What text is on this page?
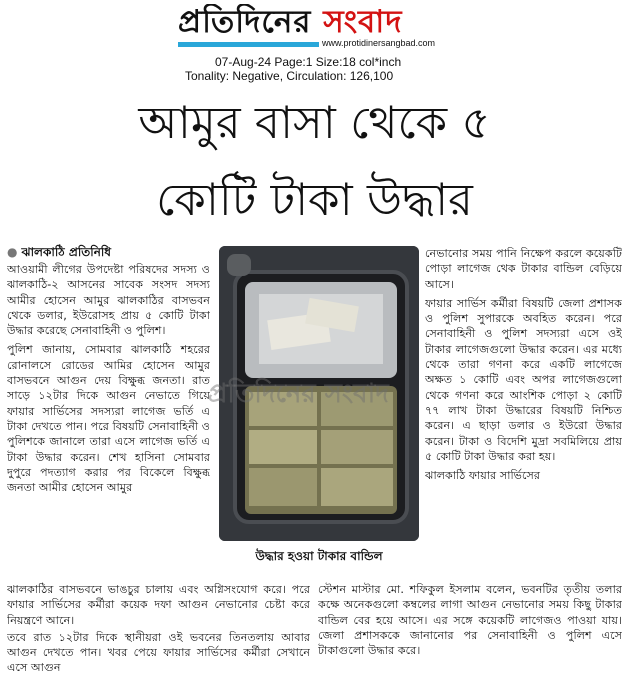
প্রতিদিনের সংবাদ
www.protidinersangbad.com
07-Aug-24 Page:1 Size:18 col*inch
Tonality: Negative, Circulation: 126,100
আমুর বাসা থেকে ৫
কোটি টাকা উদ্ধার
● ঝালকাঠি প্রতিনিধি

আওয়ামী লীগের উপদেষ্টা পরিষদের সদস্য ও ঝালকাঠি-২ আসনের সাবেক সংসদ সদস্য আমীর হোসেন আমুর ঝালকাঠির বাসভবন থেকে ডলার, ইউরোসহ প্রায় ৫ কোটি টাকা উদ্ধার করেছে সেনাবাহিনী ও পুলিশ।

পুলিশ জানায়, সোমবার ঝালকাঠি শহরের রোনালসে রোডের আমির হোসেন আমুর বাসভবনে আগুন দেয় বিক্ষুব্ধ জনতা। রাত সাড়ে ১২টার দিকে আগুন নেভাতে গিয়ে ফায়ার সার্ভিসের সদস্যরা লাগেজ ভর্তি এ টাকা দেখতে পান। পরে বিষয়টি সেনাবাহিনী ও পুলিশকে জানালে তারা এসে লাগেজ ভর্তি এ টাকা উদ্ধার করেন। শেখ হাসিনা সোমবার দুপুরে পদত্যাগ করার পর বিকেলে বিক্ষুব্ধ জনতা আমীর হোসেন আমুর

প্রতিদিনের সংবাদ
উদ্ধার হওয়া টাকার বান্ডিল

নেভানোর সময় পানি নিক্ষেপ করলে কয়েকটি পোড়া লাগেজ থেক টাকার বান্ডিল বেড়িয়ে আসে।

ফায়ার সার্ভিস কর্মীরা বিষয়টি জেলা প্রশাসক ও পুলিশ সুপারকে অবহিত করেন। পরে সেনাবাহিনী ও পুলিশ সদস্যরা এসে ওই টাকার লাগেজগুলো উদ্ধার করেন। এর মধ্যে থেকে তারা গণনা করে একটি লাগেজে অক্ষত ১ কোটি এবং অপর লাগেজগুলো থেকে গণনা করে আংশিক পোড়া ২ কোটি ৭৭ লাখ টাকা উদ্ধারের বিষয়টি নিশ্চিত করেন। এ ছাড়া ডলার ও ইউরো উদ্ধার করেন। টাকা ও বিদেশি মুদ্রা সবমিলিয়ে প্রায় ৫ কোটি টাকা উদ্ধার করা হয়।

ঝালকাঠি ফায়ার সার্ভিসের

ঝালকাঠির বাসভবনে ভাঙচুর চালায় এবং অগ্নিসংযোগ করে। পরে ফায়ার সার্ভিসের কর্মীরা কয়েক দফা আগুন নেভানোর চেষ্টা করে নিয়ন্ত্রণে আনে।

তবে রাত ১২টার দিকে স্থানীয়রা ওই ভবনের তিনতলায় আবার আগুন দেখতে পান। খবর পেয়ে ফায়ার সার্ভিসের কর্মীরা সেখানে এসে আগুন

স্টেশন মাস্টার মো. শফিকুল ইসলাম বলেন, ভবনটির তৃতীয় তলার কক্ষে অনেকগুলো কম্বলের লাগা আগুন নেভানোর সময় কিছু টাকার বান্ডিল বের হয়ে আসে। এর সঙ্গে কয়েকটি লাগেজও পাওয়া যায়। জেলা প্রশাসককে জানানোর পর সেনাবাহিনী ও পুলিশ এসে টাকাগুলো উদ্ধার করে।
